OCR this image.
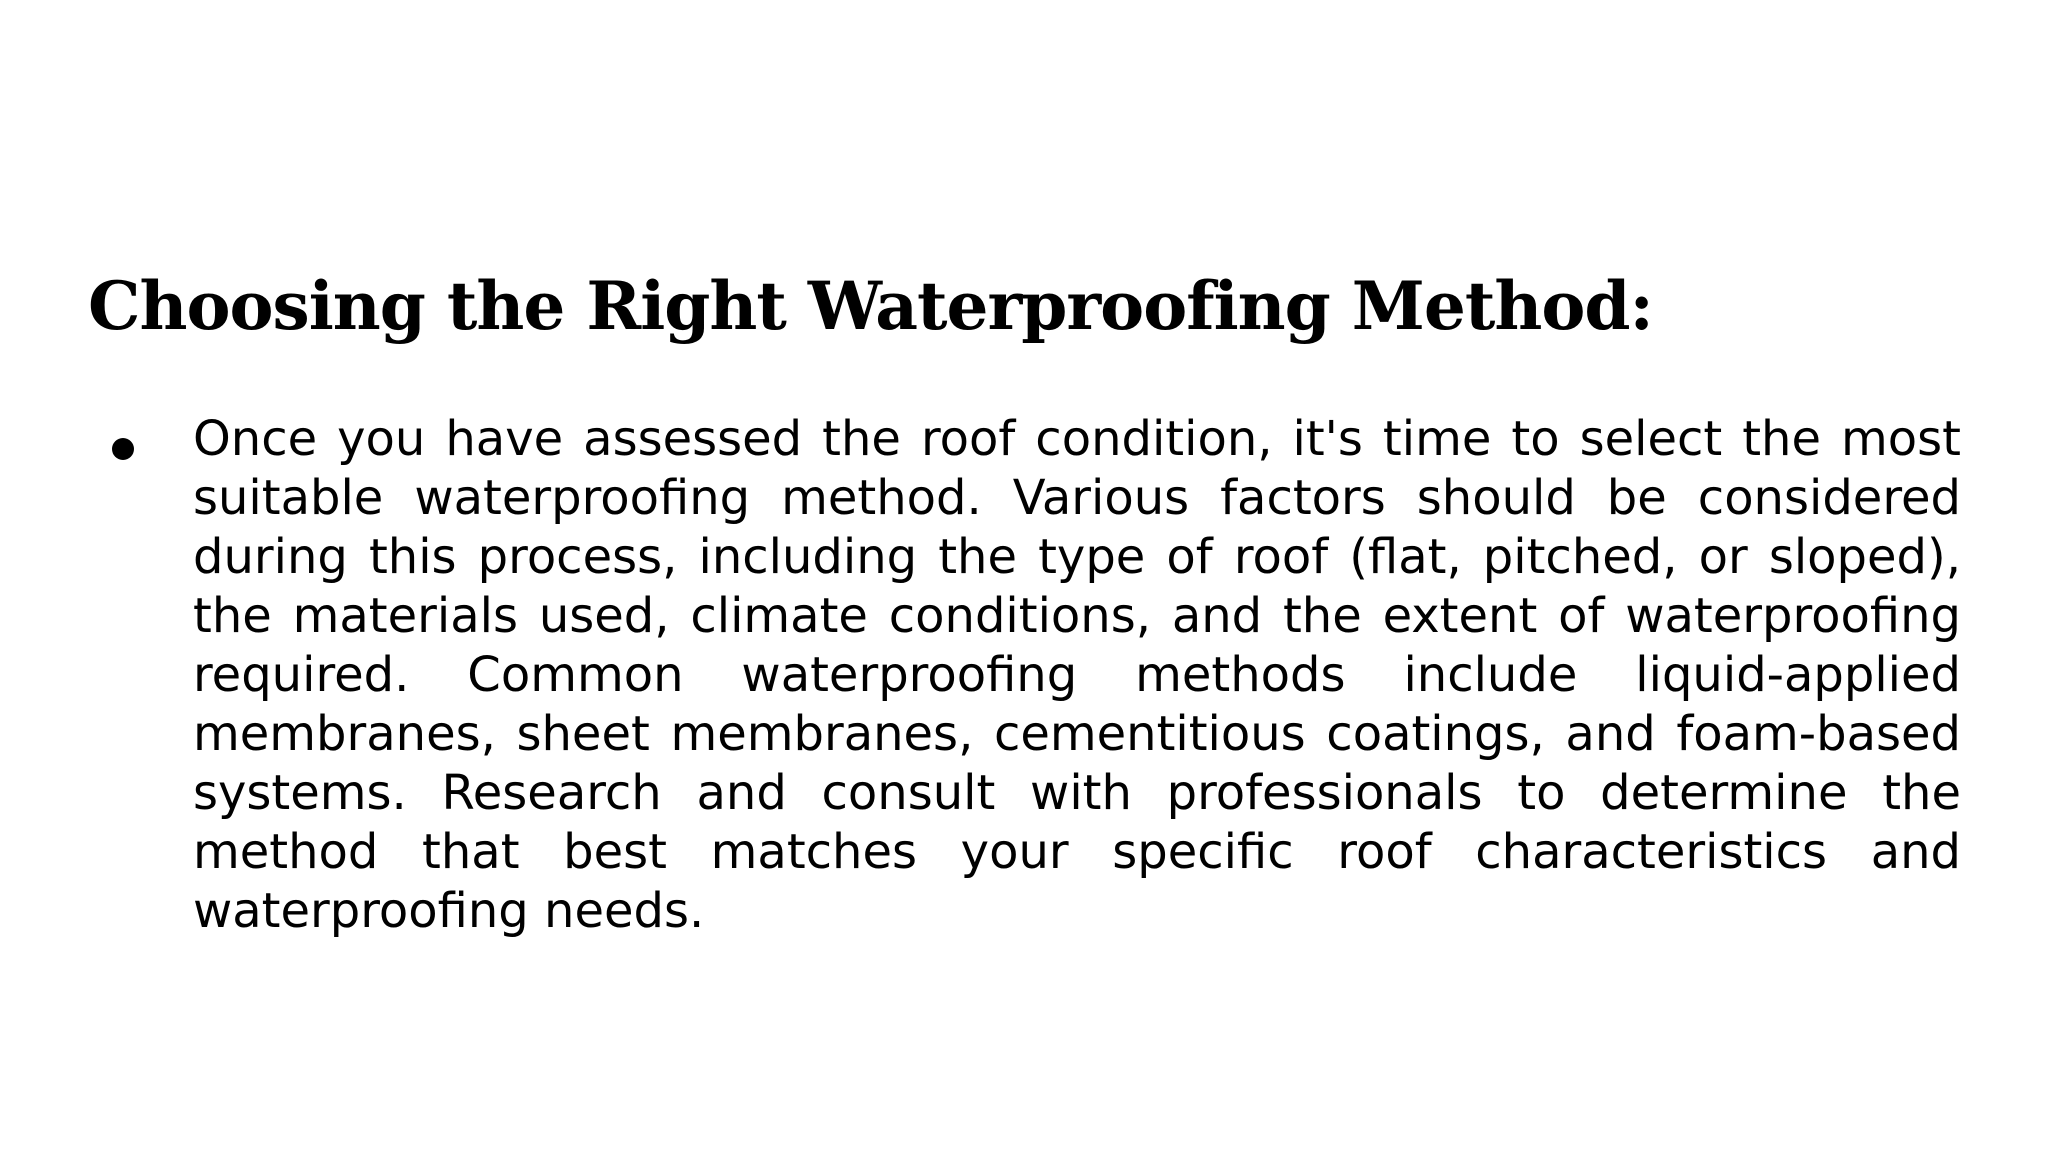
Choosing the Right Waterproofing Method:

Once you have assessed the roof condition, it's time to select the most suitable waterproofing method. Various factors should be considered during this process, including the type of roof (flat, pitched, or sloped), the materials used, climate conditions, and the extent of waterproofing required. Common waterproofing methods include liquid-applied membranes, sheet membranes, cementitious coatings, and foam-based systems. Research and consult with professionals to determine the method that best matches your specific roof characteristics and waterproofing needs.
